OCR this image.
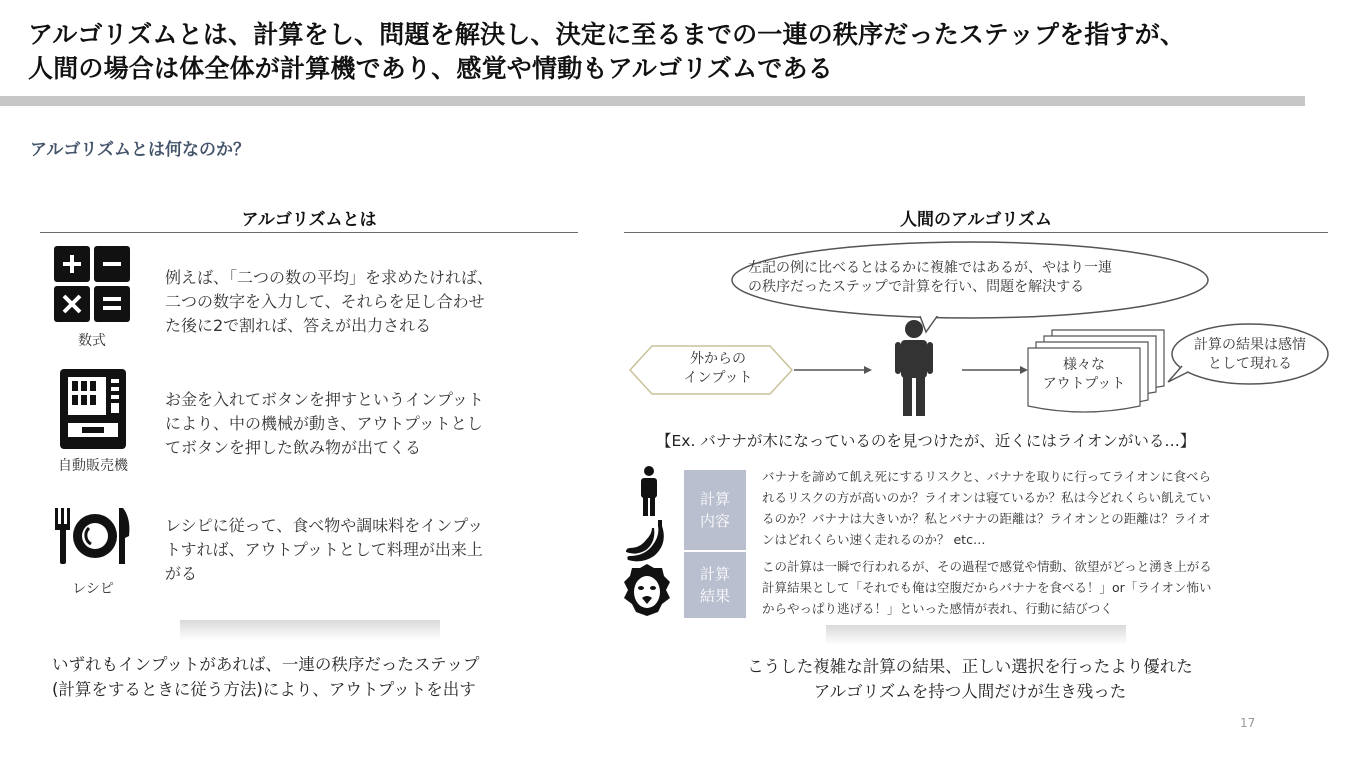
アルゴリズムとは、計算をし、問題を解決し、決定に至るまでの一連の秩序だったステップを指すが、
人間の場合は体全体が計算機であり、感覚や情動もアルゴリズムである
アルゴリズムとは何なのか？
アルゴリズムとは
数式
例えば、「二つの数の平均」を求めたければ、
二つの数字を入力して、それらを足し合わせ
た後に2で割れば、答えが出力される
自動販売機
お金を入れてボタンを押すというインプット
により、中の機械が動き、アウトプットとし
てボタンを押した飲み物が出てくる
レシピ
レシピに従って、食べ物や調味料をインプッ
トすれば、アウトプットとして料理が出来上
がる
いずれもインプットがあれば、一連の秩序だったステップ
(計算をするときに従う方法)により、アウトプットを出す
人間のアルゴリズム
左記の例に比べるとはるかに複雑ではあるが、やはり一連
の秩序だったステップで計算を行い、問題を解決する
外からの
インプット
様々な
アウトプット
計算の結果は感情
として現れる
【Ex. バナナが木になっているのを見つけたが、近くにはライオンがいる…】
計算
内容
計算
結果
バナナを諦めて飢え死にするリスクと、バナナを取りに行ってライオンに食べら
れるリスクの方が高いのか？ライオンは寝ているか？私は今どれくらい飢えてい
るのか？バナナは大きいか？私とバナナの距離は？ライオンとの距離は？ライオ
ンはどれくらい速く走れるのか？ etc…
この計算は一瞬で行われるが、その過程で感覚や情動、欲望がどっと湧き上がる
計算結果として「それでも俺は空腹だからバナナを食べる！」or「ライオン怖い
からやっぱり逃げる！」といった感情が表れ、行動に結びつく
こうした複雑な計算の結果、正しい選択を行ったより優れた
アルゴリズムを持つ人間だけが生き残った
17
